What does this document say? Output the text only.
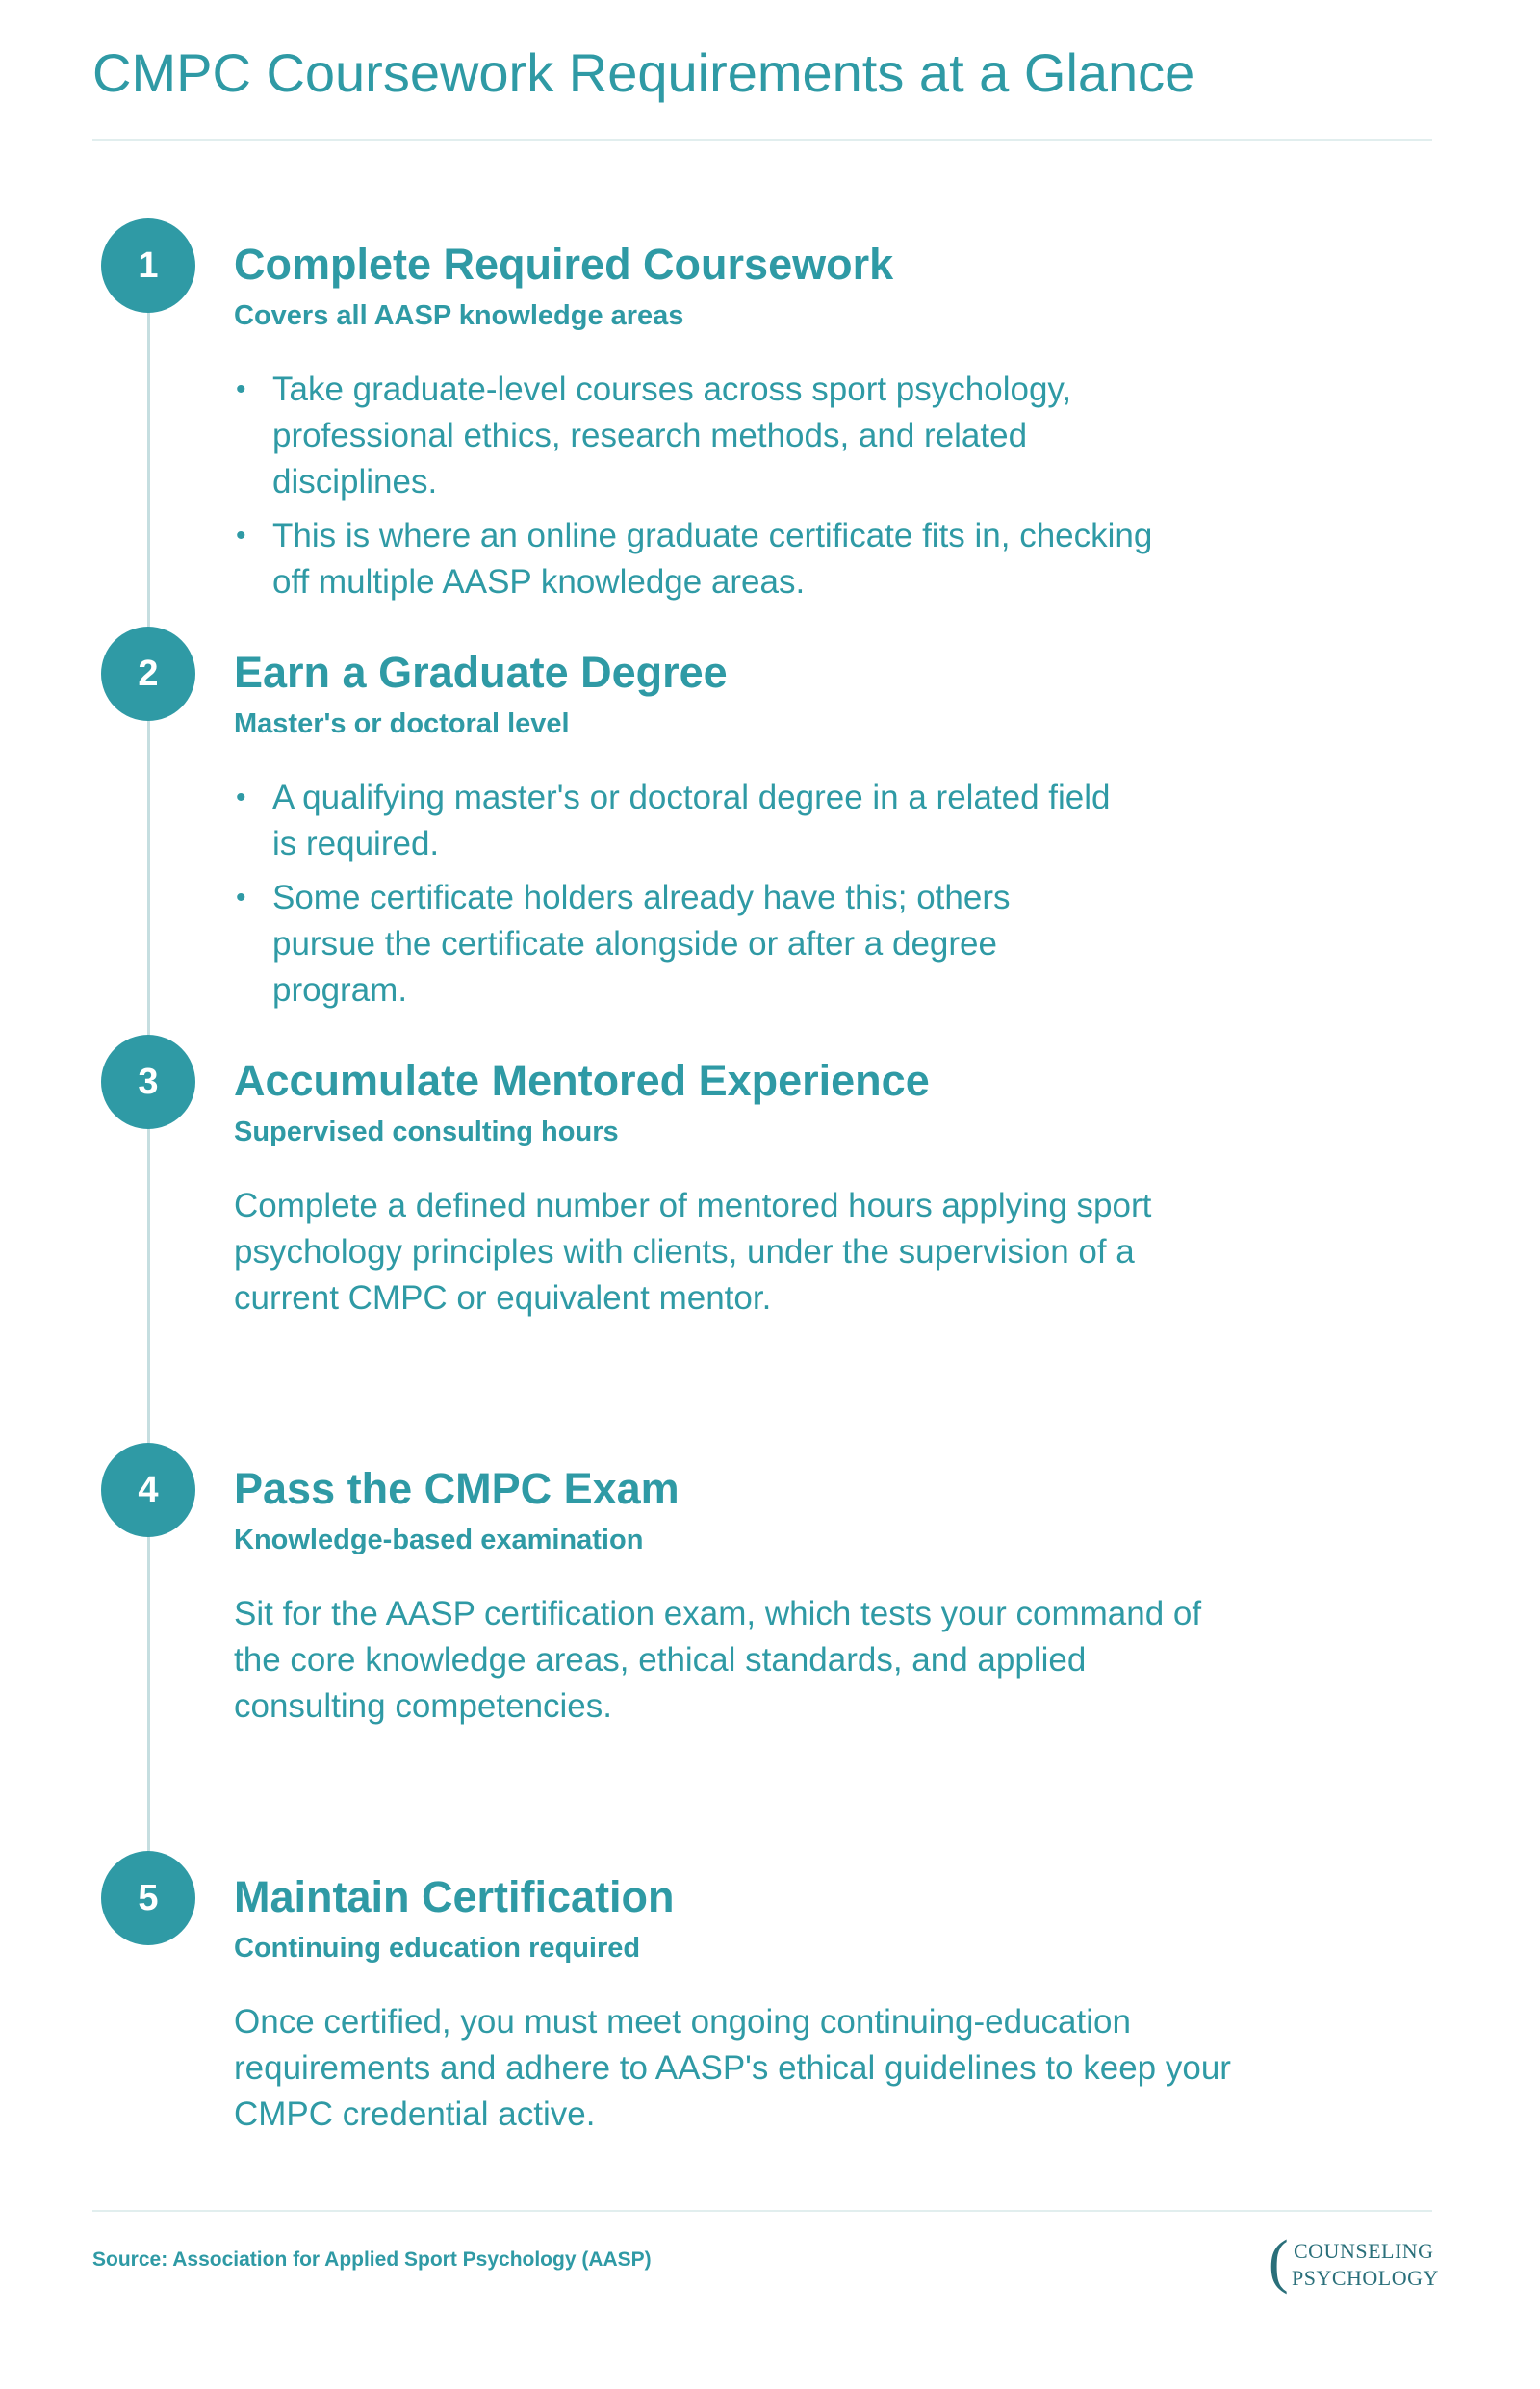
CMPC Coursework Requirements at a Glance
1	Complete Required Coursework

Covers all AASP knowledge areas

• Take graduate-level courses across sport psychology, professional ethics, research methods, and related disciplines.
• This is where an online graduate certificate fits in, checking off multiple AASP knowledge areas.
2	Earn a Graduate Degree

Master's or doctoral level

• A qualifying master's or doctoral degree in a related field is required.
• Some certificate holders already have this; others pursue the certificate alongside or after a degree program.
3	Accumulate Mentored Experience

Supervised consulting hours

Complete a defined number of mentored hours applying sport psychology principles with clients, under the supervision of a current CMPC or equivalent mentor.

4	Pass the CMPC Exam

Knowledge-based examination

Sit for the AASP certification exam, which tests your command of the core knowledge areas, ethical standards, and applied consulting competencies.

5	Maintain Certification

Continuing education required

Once certified, you must meet ongoing continuing-education requirements and adhere to AASP's ethical guidelines to keep your CMPC credential active.

Source: Association for Applied Sport Psychology (AASP)	( COUNSELING
PSYCHOLOGY
